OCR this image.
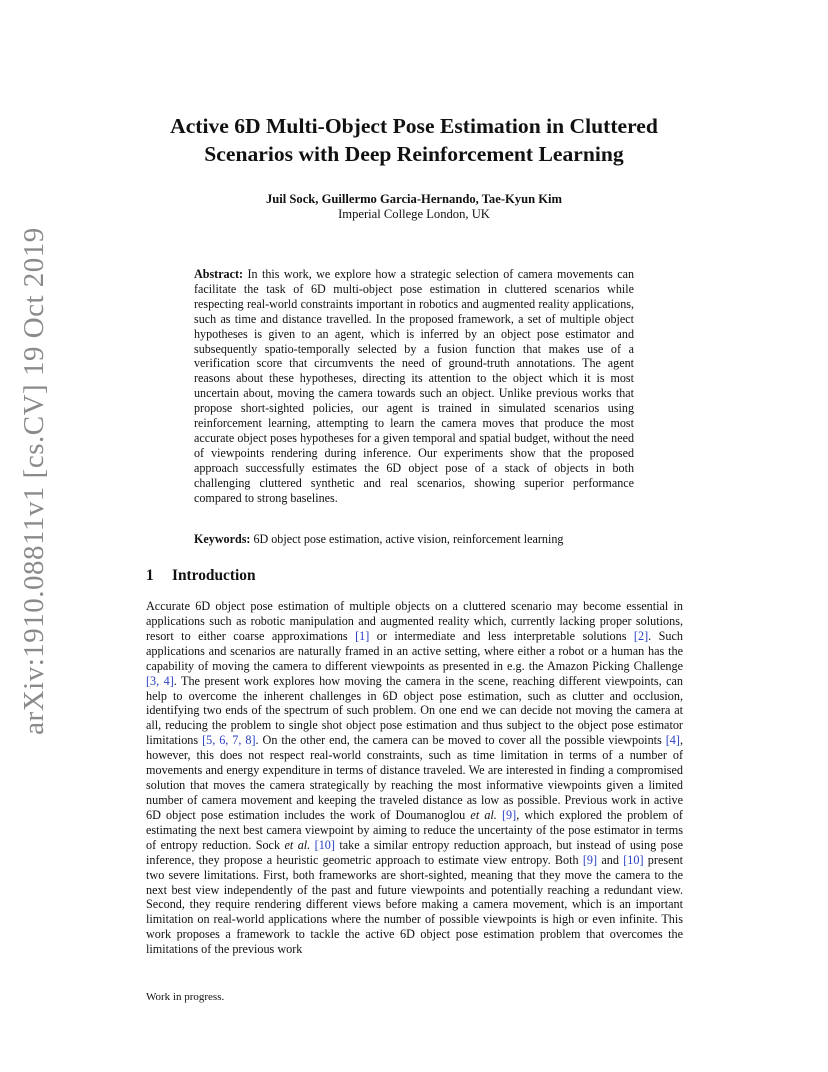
arXiv:1910.08811v1 [cs.CV] 19 Oct 2019
Active 6D Multi-Object Pose Estimation in Cluttered
Scenarios with Deep Reinforcement Learning
Juil Sock, Guillermo Garcia-Hernando, Tae-Kyun Kim
Imperial College London, UK
Abstract: In this work, we explore how a strategic selection of camera movements can facilitate the task of 6D multi-object pose estimation in cluttered scenarios while respecting real-world constraints important in robotics and augmented reality applications, such as time and distance travelled. In the proposed framework, a set of multiple object hypotheses is given to an agent, which is inferred by an object pose estimator and subsequently spatio-temporally selected by a fusion function that makes use of a verification score that circumvents the need of ground-truth annotations. The agent reasons about these hypotheses, directing its attention to the object which it is most uncertain about, moving the camera towards such an object. Unlike previous works that propose short-sighted policies, our agent is trained in simulated scenarios using reinforcement learning, attempting to learn the camera moves that produce the most accurate object poses hypotheses for a given temporal and spatial budget, without the need of viewpoints rendering during inference. Our experiments show that the proposed approach successfully estimates the 6D object pose of a stack of objects in both challenging cluttered synthetic and real scenarios, showing superior performance compared to strong baselines.
Keywords: 6D object pose estimation, active vision, reinforcement learning
1 Introduction

Accurate 6D object pose estimation of multiple objects on a cluttered scenario may become essential in applications such as robotic manipulation and augmented reality which, currently lacking proper solutions, resort to either coarse approximations [1] or intermediate and less interpretable solutions [2]. Such applications and scenarios are naturally framed in an active setting, where either a robot or a human has the capability of moving the camera to different viewpoints as presented in e.g. the Amazon Picking Challenge [3, 4]. The present work explores how moving the camera in the scene, reaching different viewpoints, can help to overcome the inherent challenges in 6D object pose estimation, such as clutter and occlusion, identifying two ends of the spectrum of such problem. On one end we can decide not moving the camera at all, reducing the problem to single shot object pose estimation and thus subject to the object pose estimator limitations [5, 6, 7, 8]. On the other end, the camera can be moved to cover all the possible viewpoints [4], however, this does not respect real-world constraints, such as time limitation in terms of a number of movements and energy expenditure in terms of distance traveled. We are interested in finding a compromised solution that moves the camera strategically by reaching the most informative viewpoints given a limited number of camera movement and keeping the traveled distance as low as possible. Previous work in active 6D object pose estimation includes the work of Doumanoglou et al. [9], which explored the problem of estimating the next best camera viewpoint by aiming to reduce the uncertainty of the pose estimator in terms of entropy reduction. Sock et al. [10] take a similar entropy reduction approach, but instead of using pose inference, they propose a heuristic geometric approach to estimate view entropy. Both [9] and [10] present two severe limitations. First, both frameworks are short-sighted, meaning that they move the camera to the next best view independently of the past and future viewpoints and potentially reaching a redundant view. Second, they require rendering different views before making a camera movement, which is an important limitation on real-world applications where the number of possible viewpoints is high or even infinite. This work proposes a framework to tackle the active 6D object pose estimation problem that overcomes the limitations of the previous work

Work in progress.
